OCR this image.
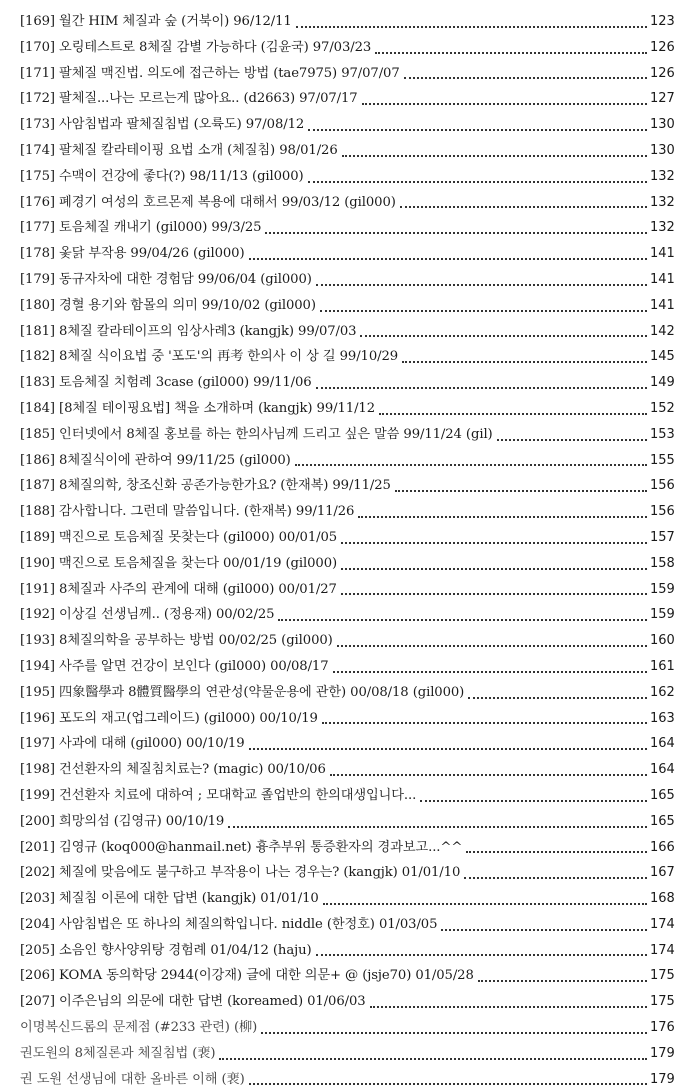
[169] 월간 HIM 체질과 숲 (거북이) 96/12/11	123
[170] 오링테스트로 8체질 감별 가능하다 (김윤국) 97/03/23	126
[171] 팔체질 맥진법. 의도에 접근하는 방법 (tae7975) 97/07/07	126
[172] 팔체질...나는 모르는게 많아요.. (d2663) 97/07/17	127
[173] 사암침법과 팔체질침법 (오륙도) 97/08/12	130
[174] 팔체질 칼라테이핑 요법 소개 (체질침) 98/01/26	130
[175] 수맥이 건강에 좋다(?) 98/11/13 (gil000)	132
[176] 폐경기 여성의 호르몬제 복용에 대해서 99/03/12 (gil000)	132
[177] 토음체질 캐내기 (gil000) 99/3/25	132
[178] 옻닭 부작용 99/04/26 (gil000)	141
[179] 동규자차에 대한 경험담 99/06/04 (gil000)	141
[180] 경혈 용기와 함몰의 의미 99/10/02 (gil000)	141
[181] 8체질 칼라테이프의 임상사례3 (kangjk) 99/07/03	142
[182] 8체질 식이요법 중 '포도'의 再考 한의사 이 상 길 99/10/29	145
[183] 토음체질 치험례 3case (gil000) 99/11/06	149
[184] [8체질 테이핑요법] 책을 소개하며 (kangjk) 99/11/12	152
[185] 인터넷에서 8체질 홍보를 하는 한의사님께 드리고 싶은 말씀 99/11/24 (gil)	153
[186] 8체질식이에 관하여 99/11/25 (gil000)	155
[187] 8체질의학, 창조신화 공존가능한가요? (한재복) 99/11/25	156
[188] 감사합니다. 그런데 말씀입니다. (한재복) 99/11/26	156
[189] 맥진으로 토음체질 못찾는다 (gil000) 00/01/05	157
[190] 맥진으로 토음체질을 찾는다 00/01/19 (gil000)	158
[191] 8체질과 사주의 관계에 대해 (gil000) 00/01/27	159
[192] 이상길 선생님께.. (정용재) 00/02/25	159
[193] 8체질의학을 공부하는 방법 00/02/25 (gil000)	160
[194] 사주를 알면 건강이 보인다 (gil000) 00/08/17	161
[195] 四象醫學과 8體質醫學의 연관성(약물운용에 관한) 00/08/18 (gil000)	162
[196] 포도의 재고(업그레이드) (gil000) 00/10/19	163
[197] 사과에 대해 (gil000) 00/10/19	164
[198] 건선환자의 체질침치료는? (magic) 00/10/06	164
[199] 건선환자 치료에 대하여 ; 모대학교 졸업반의 한의대생입니다...	165
[200] 희망의섬 (김영규) 00/10/19	165
[201] 김영규 (koq000@hanmail.net) 흉추부위 통증환자의 경과보고...^^	166
[202] 체질에 맞음에도 불구하고 부작용이 나는 경우는? (kangjk) 01/01/10	167
[203] 체질침 이론에 대한 답변 (kangjk) 01/01/10	168
[204] 사암침법은 또 하나의 체질의학입니다. niddle (한정호) 01/03/05	174
[205] 소음인 향사양위탕 경험례 01/04/12 (haju)	174
[206] KOMA 동의학당 2944(이강재) 글에 대한 의문+ @ (jsje70) 01/05/28	175
[207] 이주은님의 의문에 대한 답변 (koreamed) 01/06/03	175
이명복신드롬의 문제점 (#233 관련) (柳)	176
권도원의 8체질론과 체질침법 (裵)	179
권 도원 선생님에 대한 올바른 이해 (裵)	179
